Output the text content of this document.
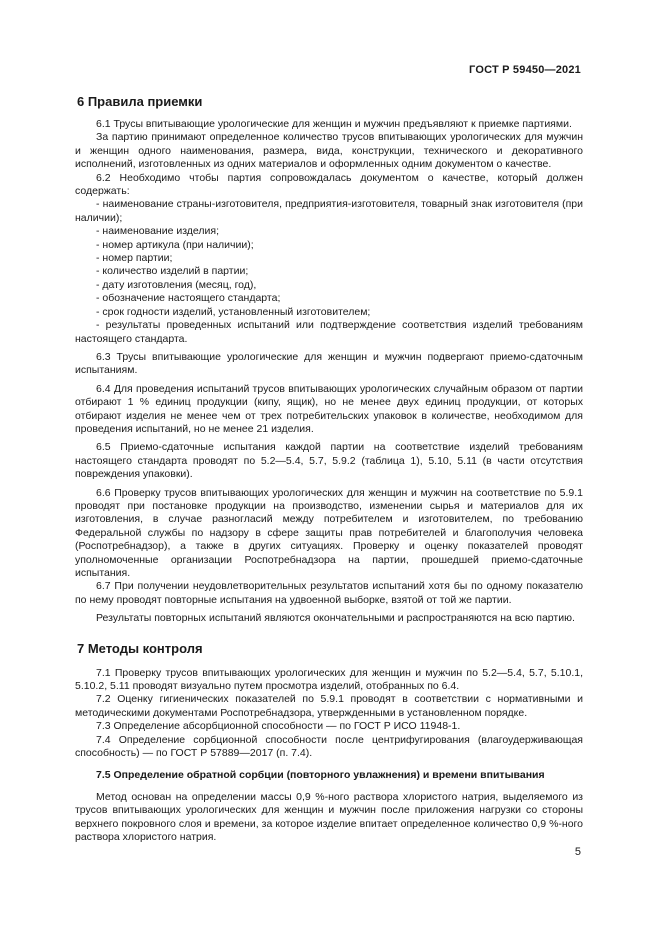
ГОСТ Р 59450—2021
6 Правила приемки

6.1 Трусы впитывающие урологические для женщин и мужчин предъявляют к приемке партиями.

За партию принимают определенное количество трусов впитывающих урологических для мужчин и женщин одного наименования, размера, вида, конструкции, технического и декоративного исполнений, изготовленных из одних материалов и оформленных одним документом о качестве.

6.2 Необходимо чтобы партия сопровождалась документом о качестве, который должен содержать:

- наименование страны-изготовителя, предприятия-изготовителя, товарный знак изготовителя (при наличии);
- наименование изделия;
- номер артикула (при наличии);
- номер партии;
- количество изделий в партии;
- дату изготовления (месяц, год),
- обозначение настоящего стандарта;
- срок годности изделий, установленный изготовителем;
- результаты проведенных испытаний или подтверждение соответствия изделий требованиям настоящего стандарта.

6.3 Трусы впитывающие урологические для женщин и мужчин подвергают приемо-сдаточным испытаниям.

6.4 Для проведения испытаний трусов впитывающих урологических случайным образом от партии отбирают 1 % единиц продукции (кипу, ящик), но не менее двух единиц продукции, от которых отбирают изделия не менее чем от трех потребительских упаковок в количестве, необходимом для проведения испытаний, но не менее 21 изделия.

6.5 Приемо-сдаточные испытания каждой партии на соответствие изделий требованиям настоящего стандарта проводят по 5.2—5.4, 5.7, 5.9.2 (таблица 1), 5.10, 5.11 (в части отсутствия повреждения упаковки).

6.6 Проверку трусов впитывающих урологических для женщин и мужчин на соответствие по 5.9.1 проводят при постановке продукции на производство, изменении сырья и материалов для их изготовления, в случае разногласий между потребителем и изготовителем, по требованию Федеральной службы по надзору в сфере защиты прав потребителей и благополучия человека (Роспотребнадзор), а также в других ситуациях. Проверку и оценку показателей проводят уполномоченные организации Роспотребнадзора на партии, прошедшей приемо-сдаточные испытания.

6.7 При получении неудовлетворительных результатов испытаний хотя бы по одному показателю по нему проводят повторные испытания на удвоенной выборке, взятой от той же партии.

Результаты повторных испытаний являются окончательными и распространяются на всю партию.

7 Методы контроля

7.1 Проверку трусов впитывающих урологических для женщин и мужчин по 5.2—5.4, 5.7, 5.10.1, 5.10.2, 5.11 проводят визуально путем просмотра изделий, отобранных по 6.4.

7.2 Оценку гигиенических показателей по 5.9.1 проводят в соответствии с нормативными и методическими документами Роспотребнадзора, утвержденными в установленном порядке.

7.3 Определение абсорбционной способности — по ГОСТ Р ИСО 11948-1.

7.4 Определение сорбционной способности после центрифугирования (влагоудерживающая способность) — по ГОСТ Р 57889—2017 (п. 7.4).

7.5 Определение обратной сорбции (повторного увлажнения) и времени впитывания

Метод основан на определении массы 0,9 %-ного раствора хлористого натрия, выделяемого из трусов впитывающих урологических для женщин и мужчин после приложения нагрузки со стороны верхнего покровного слоя и времени, за которое изделие впитает определенное количество 0,9 %-ного раствора хлористого натрия.

5
